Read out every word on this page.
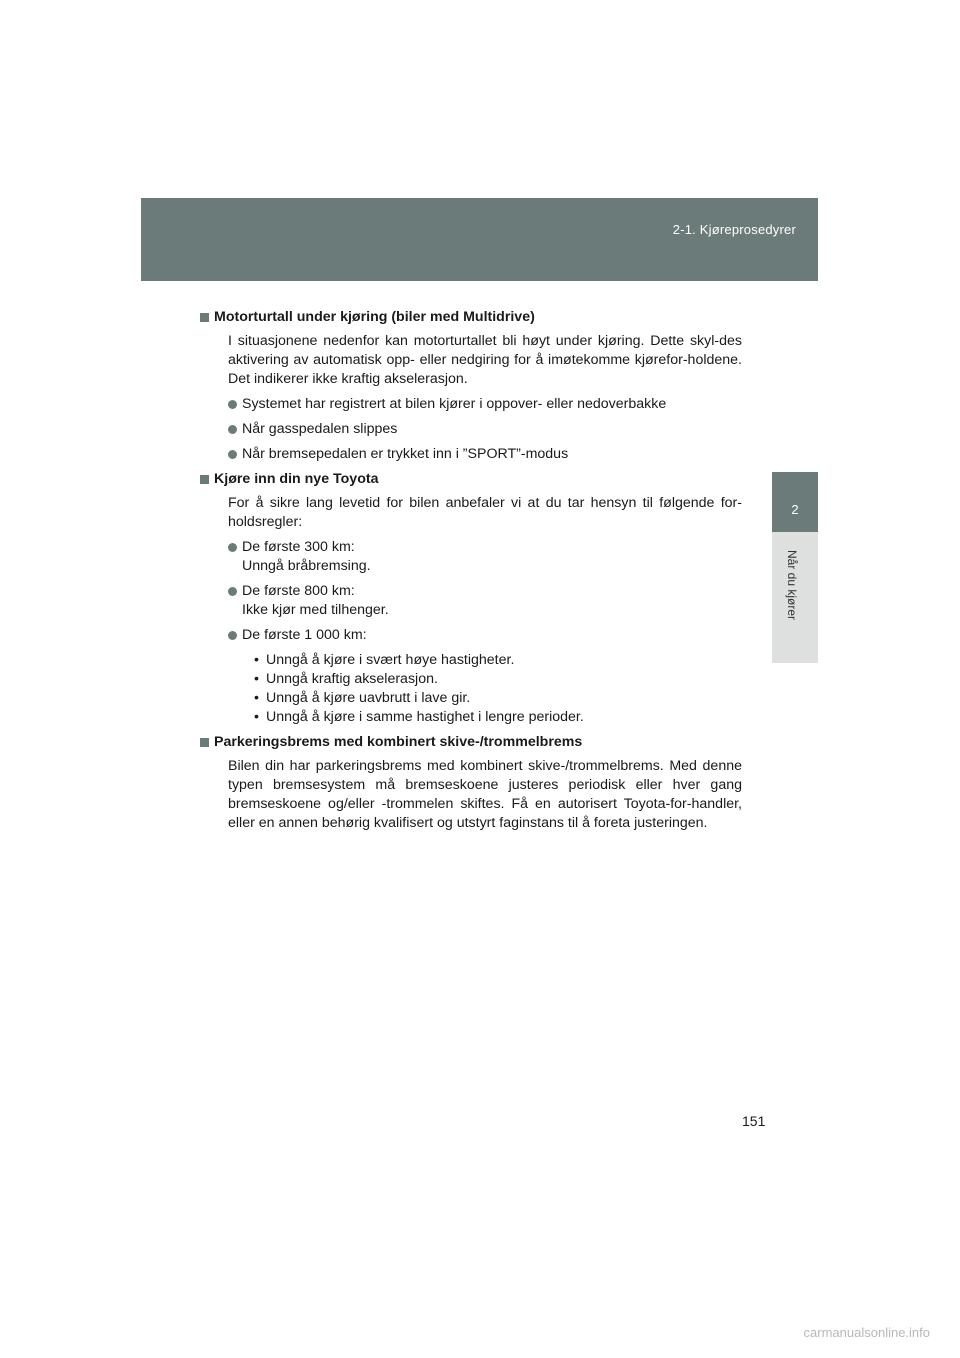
2-1. Kjøreprosedyrer
2
Når du kjører
Motorturtall under kjøring (biler med Multidrive)
I situasjonene nedenfor kan motorturtallet bli høyt under kjøring. Dette skyl-des aktivering av automatisk opp- eller nedgiring for å imøtekomme kjørefor-holdene. Det indikerer ikke kraftig akselerasjon.
Systemet har registrert at bilen kjører i oppover- eller nedoverbakke
Når gasspedalen slippes
Når bremsepedalen er trykket inn i ”SPORT”-modus
Kjøre inn din nye Toyota
For å sikre lang levetid for bilen anbefaler vi at du tar hensyn til følgende for-holdsregler:
De første 300 km:
Unngå bråbremsing.
De første 800 km:
Ikke kjør med tilhenger.
De første 1 000 km:
• Unngå å kjøre i svært høye hastigheter.
• Unngå kraftig akselerasjon.
• Unngå å kjøre uavbrutt i lave gir.
• Unngå å kjøre i samme hastighet i lengre perioder.
Parkeringsbrems med kombinert skive-/trommelbrems
Bilen din har parkeringsbrems med kombinert skive-/trommelbrems. Med denne typen bremsesystem må bremseskoene justeres periodisk eller hver gang bremseskoene og/eller -trommelen skiftes. Få en autorisert Toyota-for-handler, eller en annen behørig kvalifisert og utstyrt faginstans til å foreta justeringen.
151
carmanualsonline.info
